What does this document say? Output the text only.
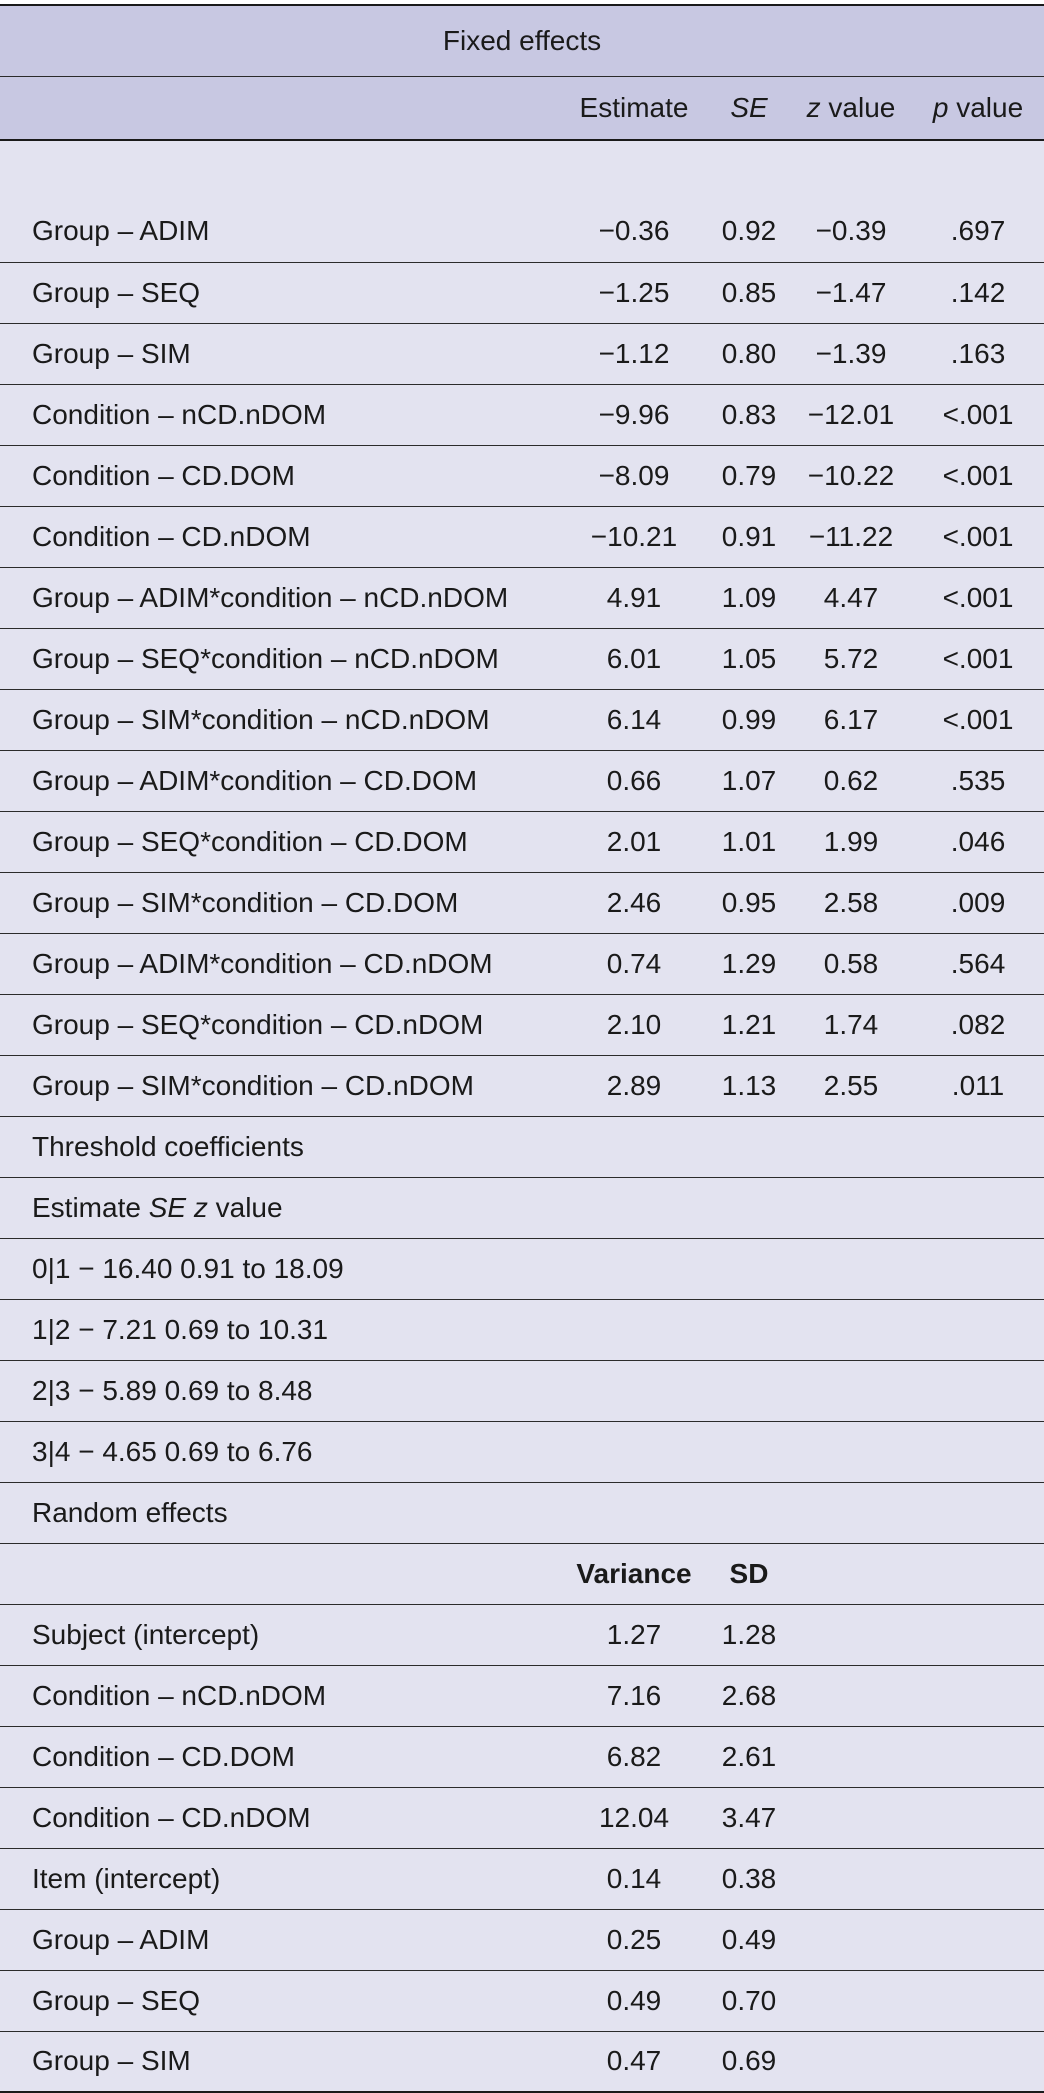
Fixed effects				
	Estimate	SE	z value	p value

Group – ADIM	−0.36	0.92	−0.39	.697
Group – SEQ	−1.25	0.85	−1.47	.142
Group – SIM	−1.12	0.80	−1.39	.163
Condition – nCD.nDOM	−9.96	0.83	−12.01	<.001
Condition – CD.DOM	−8.09	0.79	−10.22	<.001
Condition – CD.nDOM	−10.21	0.91	−11.22	<.001
Group – ADIM*condition – nCD.nDOM	4.91	1.09	4.47	<.001
Group – SEQ*condition – nCD.nDOM	6.01	1.05	5.72	<.001
Group – SIM*condition – nCD.nDOM	6.14	0.99	6.17	<.001
Group – ADIM*condition – CD.DOM	0.66	1.07	0.62	.535
Group – SEQ*condition – CD.DOM	2.01	1.01	1.99	.046
Group – SIM*condition – CD.DOM	2.46	0.95	2.58	.009
Group – ADIM*condition – CD.nDOM	0.74	1.29	0.58	.564
Group – SEQ*condition – CD.nDOM	2.10	1.21	1.74	.082
Group – SIM*condition – CD.nDOM	2.89	1.13	2.55	.011
Threshold coefficients				
Estimate SE z value				
0|1 − 16.40 0.91 to 18.09				
1|2 − 7.21 0.69 to 10.31				
2|3 − 5.89 0.69 to 8.48				
3|4 − 4.65 0.69 to 6.76				
Random effects				
	Variance	SD		
Subject (intercept)	1.27	1.28		
Condition – nCD.nDOM	7.16	2.68		
Condition – CD.DOM	6.82	2.61		
Condition – CD.nDOM	12.04	3.47		
Item (intercept)	0.14	0.38		
Group – ADIM	0.25	0.49		
Group – SEQ	0.49	0.70		
Group – SIM	0.47	0.69		
